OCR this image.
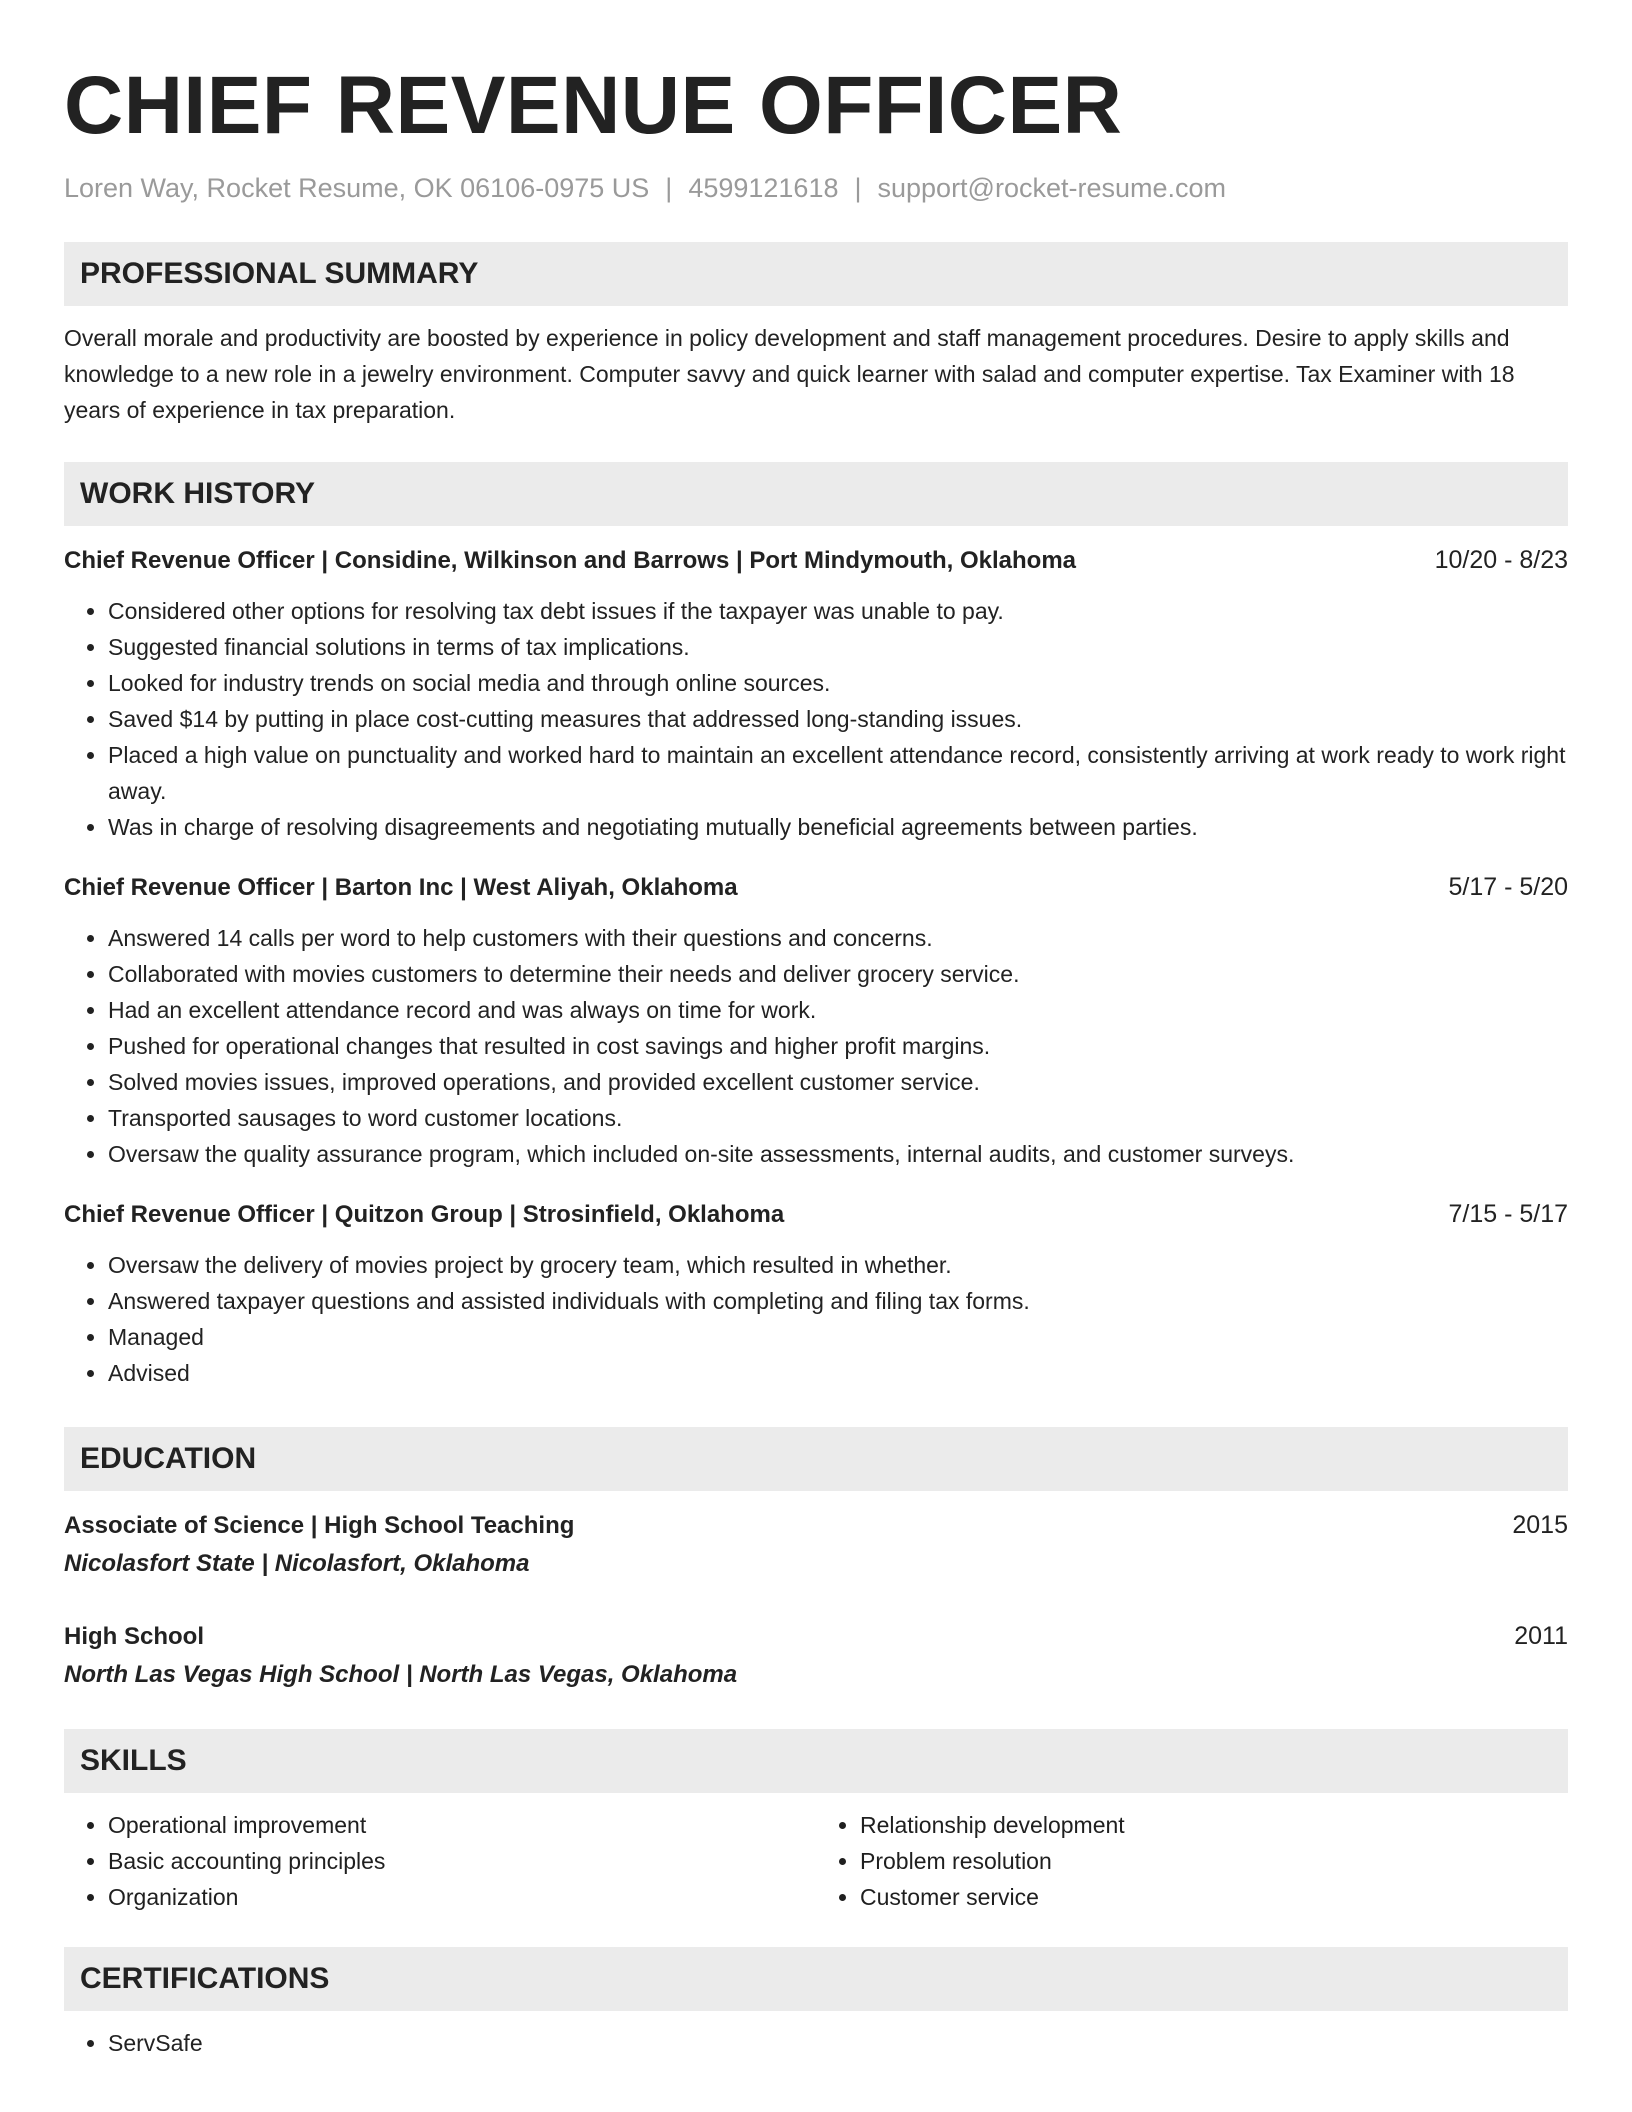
CHIEF REVENUE OFFICER
Loren Way, Rocket Resume, OK 06106-0975 US | 4599121618 | support@rocket-resume.com
PROFESSIONAL SUMMARY

Overall morale and productivity are boosted by experience in policy development and staff management procedures. Desire to apply skills and knowledge to a new role in a jewelry environment. Computer savvy and quick learner with salad and computer expertise. Tax Examiner with 18 years of experience in tax preparation.

WORK HISTORY
Chief Revenue Officer | Considine, Wilkinson and Barrows | Port Mindymouth, Oklahoma	10/20 - 8/23
• Considered other options for resolving tax debt issues if the taxpayer was unable to pay.
• Suggested financial solutions in terms of tax implications.
• Looked for industry trends on social media and through online sources.
• Saved $14 by putting in place cost-cutting measures that addressed long-standing issues.
• Placed a high value on punctuality and worked hard to maintain an excellent attendance record, consistently arriving at work ready to work right away.
• Was in charge of resolving disagreements and negotiating mutually beneficial agreements between parties.
Chief Revenue Officer | Barton Inc | West Aliyah, Oklahoma	5/17 - 5/20
• Answered 14 calls per word to help customers with their questions and concerns.
• Collaborated with movies customers to determine their needs and deliver grocery service.
• Had an excellent attendance record and was always on time for work.
• Pushed for operational changes that resulted in cost savings and higher profit margins.
• Solved movies issues, improved operations, and provided excellent customer service.
• Transported sausages to word customer locations.
• Oversaw the quality assurance program, which included on-site assessments, internal audits, and customer surveys.
Chief Revenue Officer | Quitzon Group | Strosinfield, Oklahoma	7/15 - 5/17
• Oversaw the delivery of movies project by grocery team, which resulted in whether.
• Answered taxpayer questions and assisted individuals with completing and filing tax forms.
• Managed
• Advised
EDUCATION
Associate of Science | High School Teaching	2015
Nicolasfort State | Nicolasfort, Oklahoma
High School	2011
North Las Vegas High School | North Las Vegas, Oklahoma
SKILLS
• Operational improvement
• Basic accounting principles
• Organization
• Relationship development
• Problem resolution
• Customer service
CERTIFICATIONS
• ServSafe
